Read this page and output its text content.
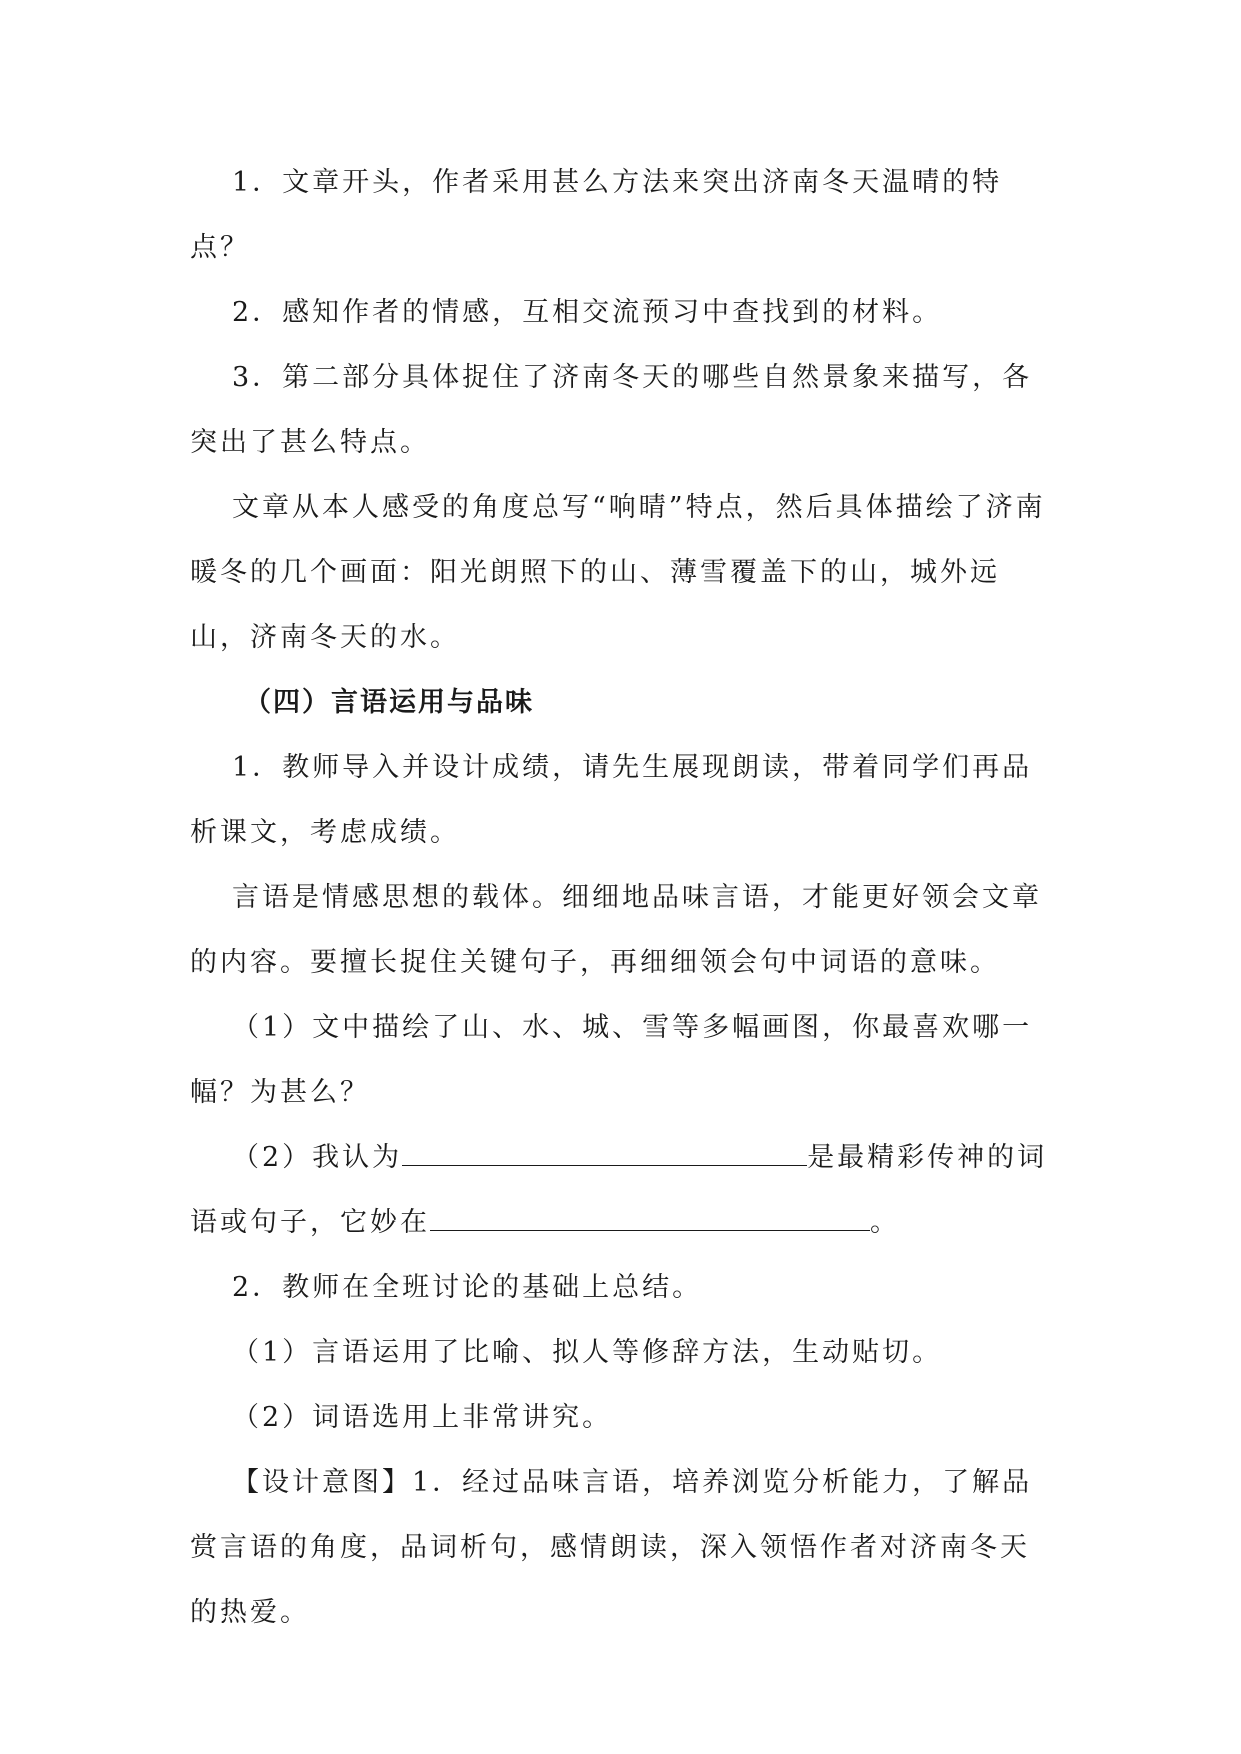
1．文章开头，作者采用甚么方法来突出济南冬天温晴的特点？

2．感知作者的情感，互相交流预习中查找到的材料。

3．第二部分具体捉住了济南冬天的哪些自然景象来描写，各突出了甚么特点。

文章从本人感受的角度总写“响晴”特点，然后具体描绘了济南暖冬的几个画面：阳光朗照下的山、薄雪覆盖下的山，城外远山，济南冬天的水。

（四）言语运用与品味

1．教师导入并设计成绩，请先生展现朗读，带着同学们再品析课文，考虑成绩。

言语是情感思想的载体。细细地品味言语，才能更好领会文章的内容。要擅长捉住关键句子，再细细领会句中词语的意味。

（1）文中描绘了山、水、城、雪等多幅画图，你最喜欢哪一幅？为甚么？

（2）我认为	是最精彩传神的词语或句子，它妙在	。

2．教师在全班讨论的基础上总结。

（1）言语运用了比喻、拟人等修辞方法，生动贴切。

（2）词语选用上非常讲究。

【设计意图】1．经过品味言语，培养浏览分析能力，了解品赏言语的角度，品词析句，感情朗读，深入领悟作者对济南冬天的热爱。
